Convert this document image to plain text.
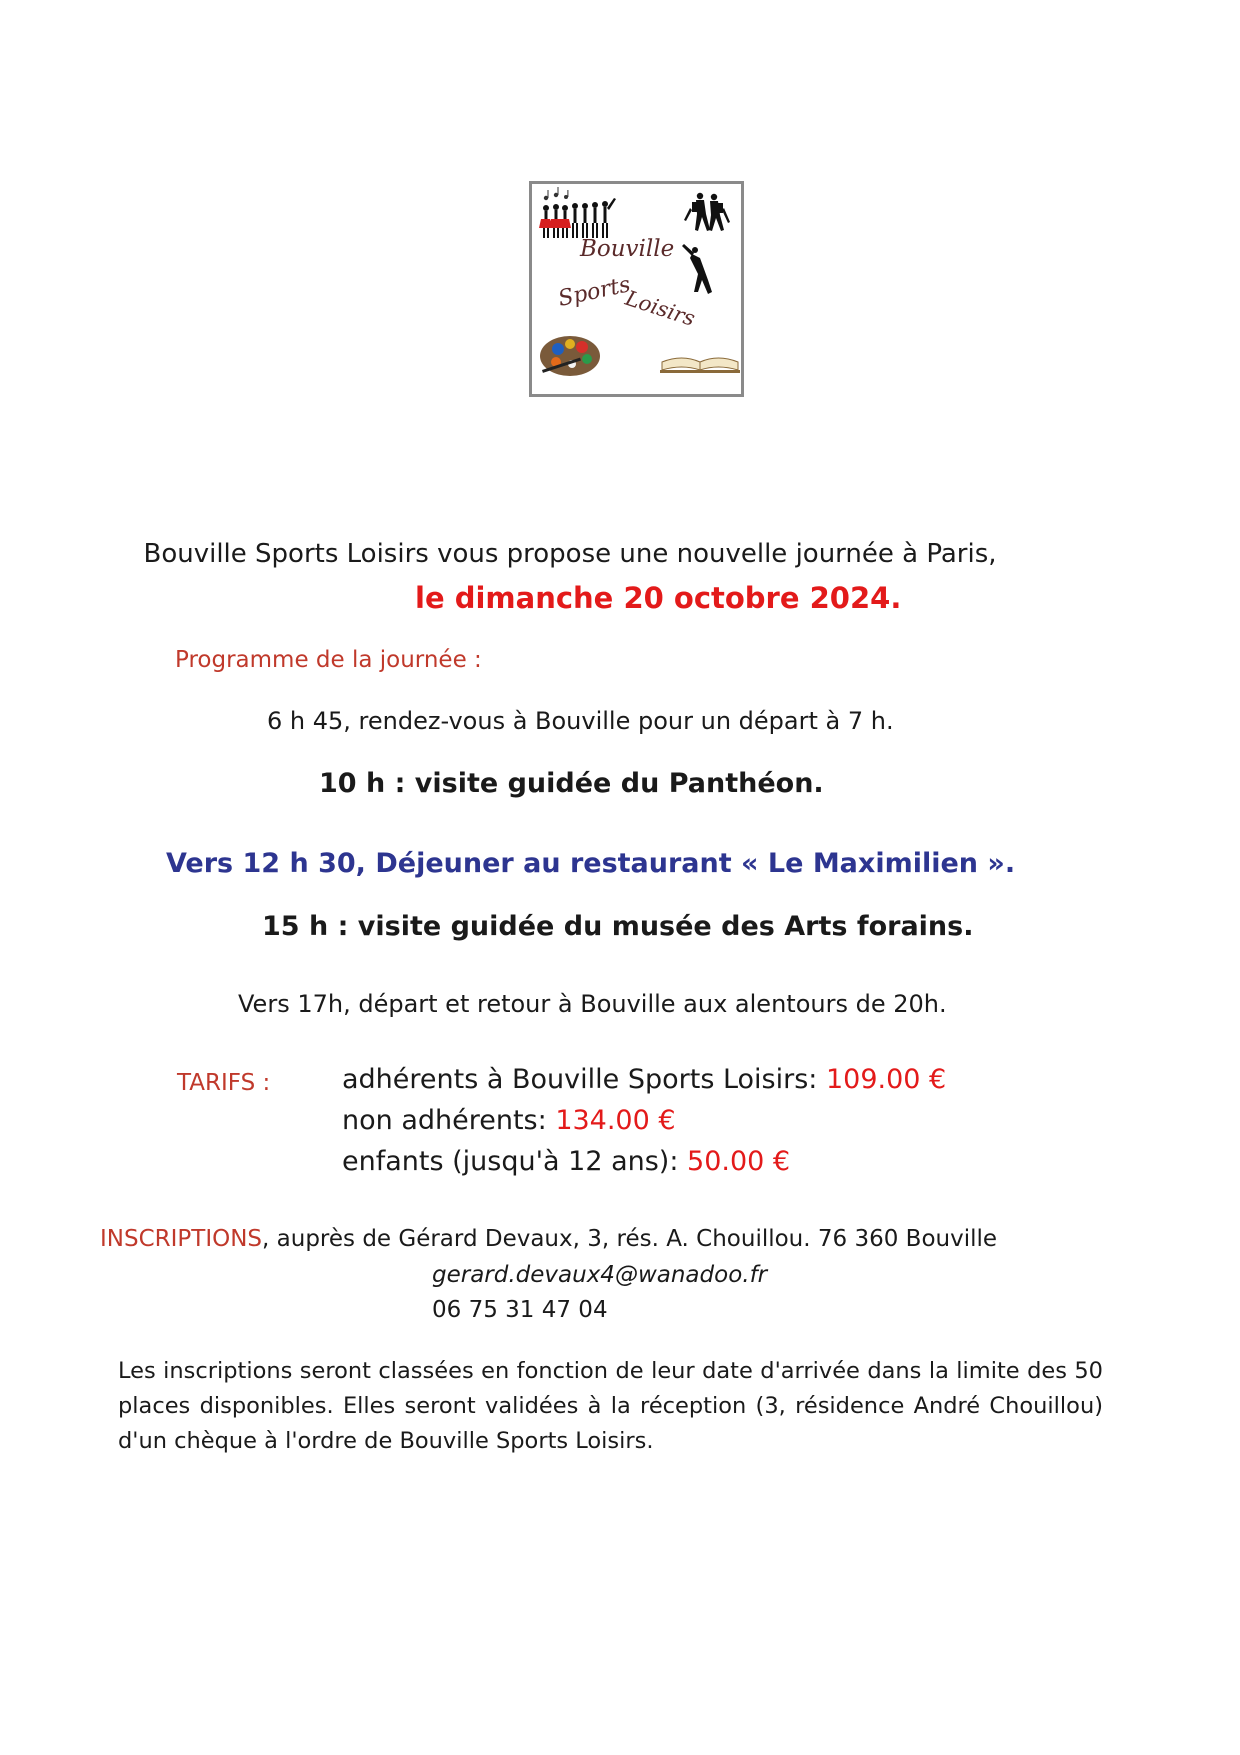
Bouville
Sports
Loisirs
Bouville Sports Loisirs vous propose une nouvelle journée à Paris,
le dimanche 20 octobre 2024.
Programme de la journée :
6 h 45, rendez-vous à Bouville pour un départ à 7 h.
10 h : visite guidée du Panthéon.
Vers 12 h 30, Déjeuner au restaurant « Le Maximilien ».
15 h : visite guidée du musée des Arts forains.
Vers 17h, départ et retour à Bouville aux alentours de 20h.
TARIFS :	adhérents à Bouville Sports Loisirs: 109.00 €
non adhérents: 134.00 €
enfants (jusqu'à 12 ans): 50.00 €
INSCRIPTIONS, auprès de Gérard Devaux, 3, rés. A. Chouillou. 76 360 Bouville
gerard.devaux4@wanadoo.fr
06 75 31 47 04
Les inscriptions seront classées en fonction de leur date d'arrivée dans la limite des 50 places disponibles. Elles seront validées à la réception (3, résidence André Chouillou) d'un chèque à l'ordre de Bouville Sports Loisirs.
